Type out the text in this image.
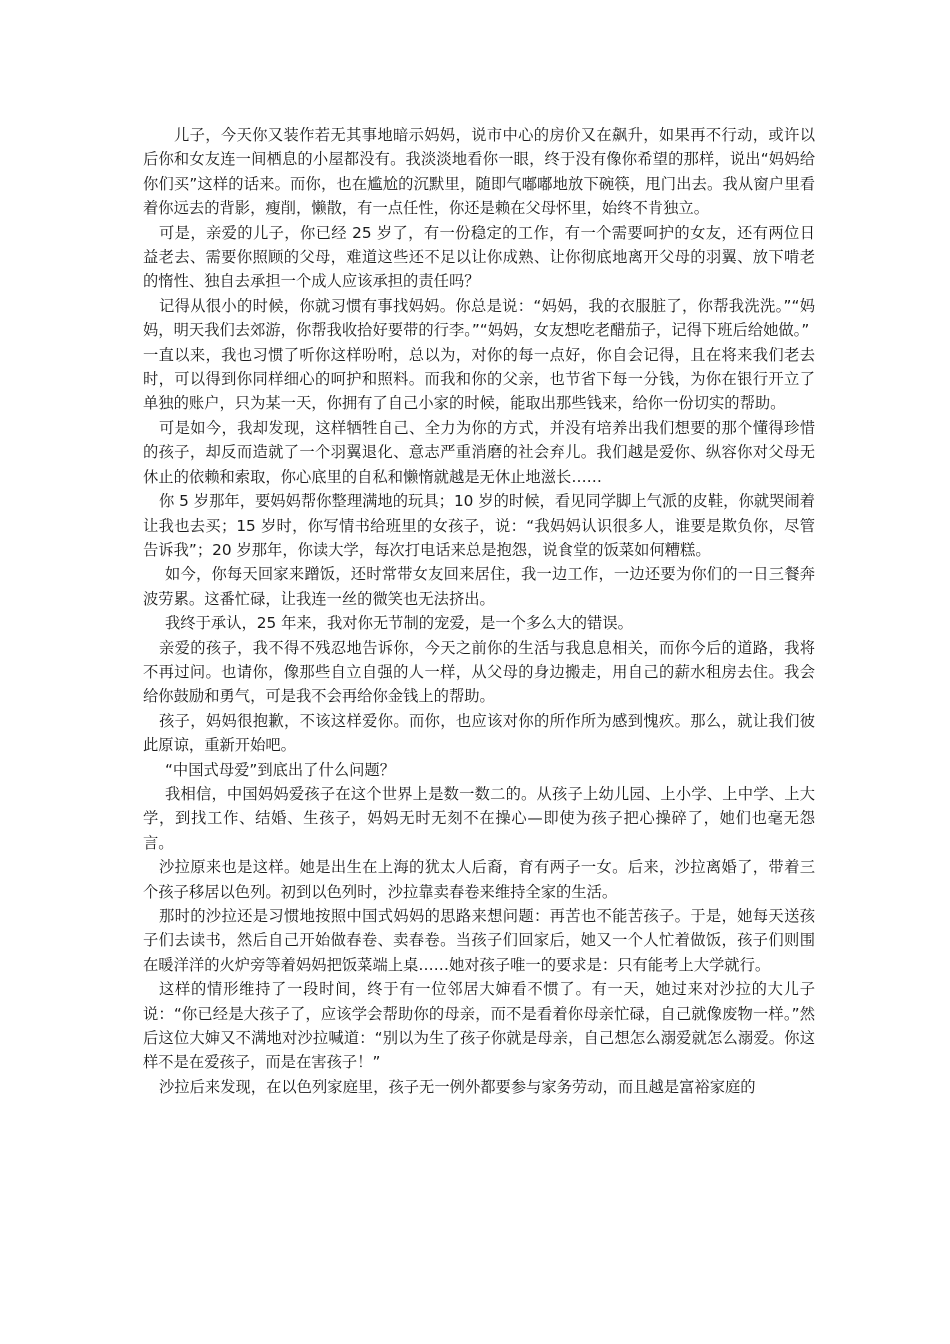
儿子，今天你又装作若无其事地暗示妈妈，说市中心的房价又在飙升，如果再不行动，或许以后你和女友连一间栖息的小屋都没有。我淡淡地看你一眼，终于没有像你希望的那样，说出“妈妈给你们买”这样的话来。而你，也在尴尬的沉默里，随即气嘟嘟地放下碗筷，甩门出去。我从窗户里看着你远去的背影，瘦削，懒散，有一点任性，你还是赖在父母怀里，始终不肯独立。

可是，亲爱的儿子，你已经 25 岁了，有一份稳定的工作，有一个需要呵护的女友，还有两位日益老去、需要你照顾的父母，难道这些还不足以让你成熟、让你彻底地离开父母的羽翼、放下啃老的惰性、独自去承担一个成人应该承担的责任吗？

记得从很小的时候，你就习惯有事找妈妈。你总是说：“妈妈，我的衣服脏了，你帮我洗洗。”“妈妈，明天我们去郊游，你帮我收拾好要带的行李。”“妈妈，女友想吃老醋茄子，记得下班后给她做。”

一直以来，我也习惯了听你这样吩咐，总以为，对你的每一点好，你自会记得，且在将来我们老去时，可以得到你同样细心的呵护和照料。而我和你的父亲，也节省下每一分钱，为你在银行开立了单独的账户，只为某一天，你拥有了自己小家的时候，能取出那些钱来，给你一份切实的帮助。

可是如今，我却发现，这样牺牲自己、全力为你的方式，并没有培养出我们想要的那个懂得珍惜的孩子，却反而造就了一个羽翼退化、意志严重消磨的社会弃儿。我们越是爱你、纵容你对父母无休止的依赖和索取，你心底里的自私和懒惰就越是无休止地滋长……

你 5 岁那年，要妈妈帮你整理满地的玩具；10 岁的时候，看见同学脚上气派的皮鞋，你就哭闹着让我也去买；15 岁时，你写情书给班里的女孩子，说：“我妈妈认识很多人，谁要是欺负你，尽管告诉我”；20 岁那年，你读大学，每次打电话来总是抱怨，说食堂的饭菜如何糟糕。

如今，你每天回家来蹭饭，还时常带女友回来居住，我一边工作，一边还要为你们的一日三餐奔波劳累。这番忙碌，让我连一丝的微笑也无法挤出。

我终于承认，25 年来，我对你无节制的宠爱，是一个多么大的错误。

亲爱的孩子，我不得不残忍地告诉你，今天之前你的生活与我息息相关，而你今后的道路，我将不再过问。也请你，像那些自立自强的人一样，从父母的身边搬走，用自己的薪水租房去住。我会给你鼓励和勇气，可是我不会再给你金钱上的帮助。

孩子，妈妈很抱歉，不该这样爱你。而你，也应该对你的所作所为感到愧疚。那么，就让我们彼此原谅，重新开始吧。

“中国式母爱”到底出了什么问题？

我相信，中国妈妈爱孩子在这个世界上是数一数二的。从孩子上幼儿园、上小学、上中学、上大学，到找工作、结婚、生孩子，妈妈无时无刻不在操心—即使为孩子把心操碎了，她们也毫无怨言。

沙拉原来也是这样。她是出生在上海的犹太人后裔，育有两子一女。后来，沙拉离婚了，带着三个孩子移居以色列。初到以色列时，沙拉靠卖春卷来维持全家的生活。

那时的沙拉还是习惯地按照中国式妈妈的思路来想问题：再苦也不能苦孩子。于是，她每天送孩子们去读书，然后自己开始做春卷、卖春卷。当孩子们回家后，她又一个人忙着做饭，孩子们则围在暖洋洋的火炉旁等着妈妈把饭菜端上桌……她对孩子唯一的要求是：只有能考上大学就行。

这样的情形维持了一段时间，终于有一位邻居大婶看不惯了。有一天，她过来对沙拉的大儿子说：“你已经是大孩子了，应该学会帮助你的母亲，而不是看着你母亲忙碌，自己就像废物一样。”然后这位大婶又不满地对沙拉喊道：“别以为生了孩子你就是母亲，自己想怎么溺爱就怎么溺爱。你这样不是在爱孩子，而是在害孩子！”

沙拉后来发现，在以色列家庭里，孩子无一例外都要参与家务劳动，而且越是富裕家庭的
